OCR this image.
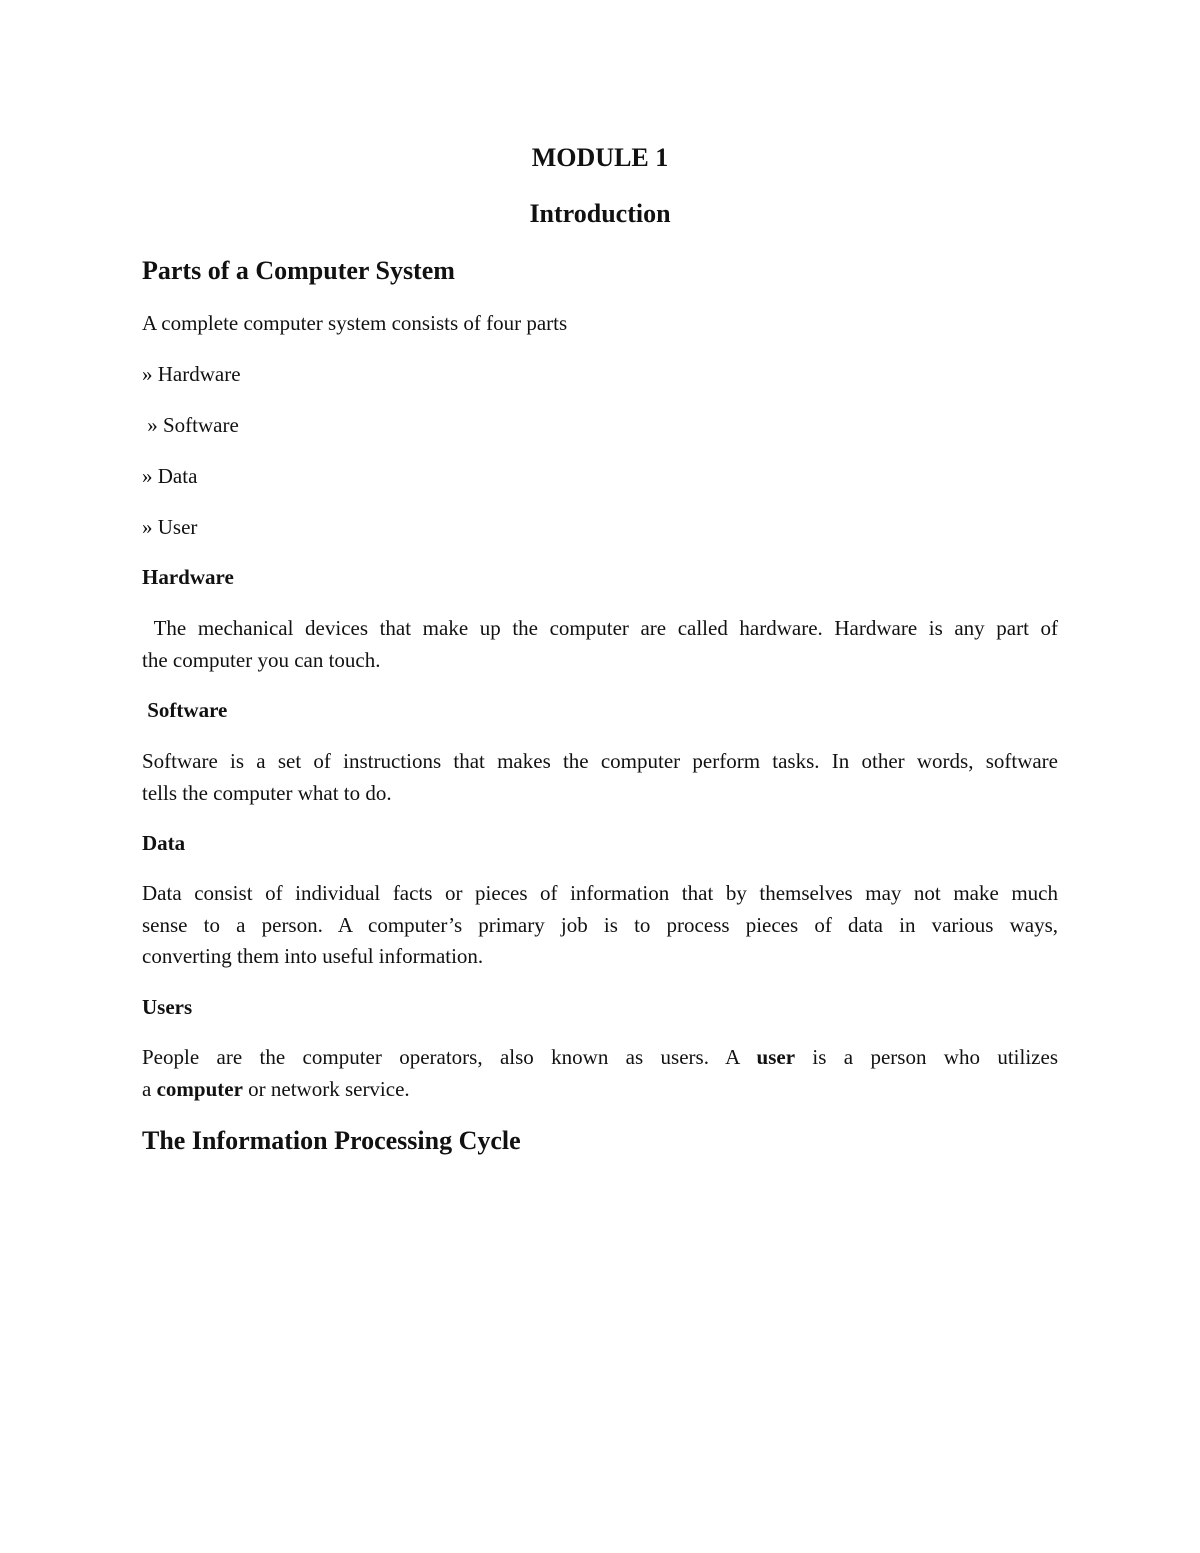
MODULE 1
Introduction
Parts of a Computer System
A complete computer system consists of four parts
» Hardware
» Software
» Data
» User
Hardware
The mechanical devices that make up the computer are called hardware. Hardware is any part of
the computer you can touch.
Software
Software is a set of instructions that makes the computer perform tasks. In other words, software
tells the computer what to do.
Data
Data consist of individual facts or pieces of information that by themselves may not make much
sense to a person. A computer’s primary job is to process pieces of data in various ways,
converting them into useful information.
Users
People are the computer operators, also known as users. A user is a person who utilizes
a computer or network service.
The Information Processing Cycle
